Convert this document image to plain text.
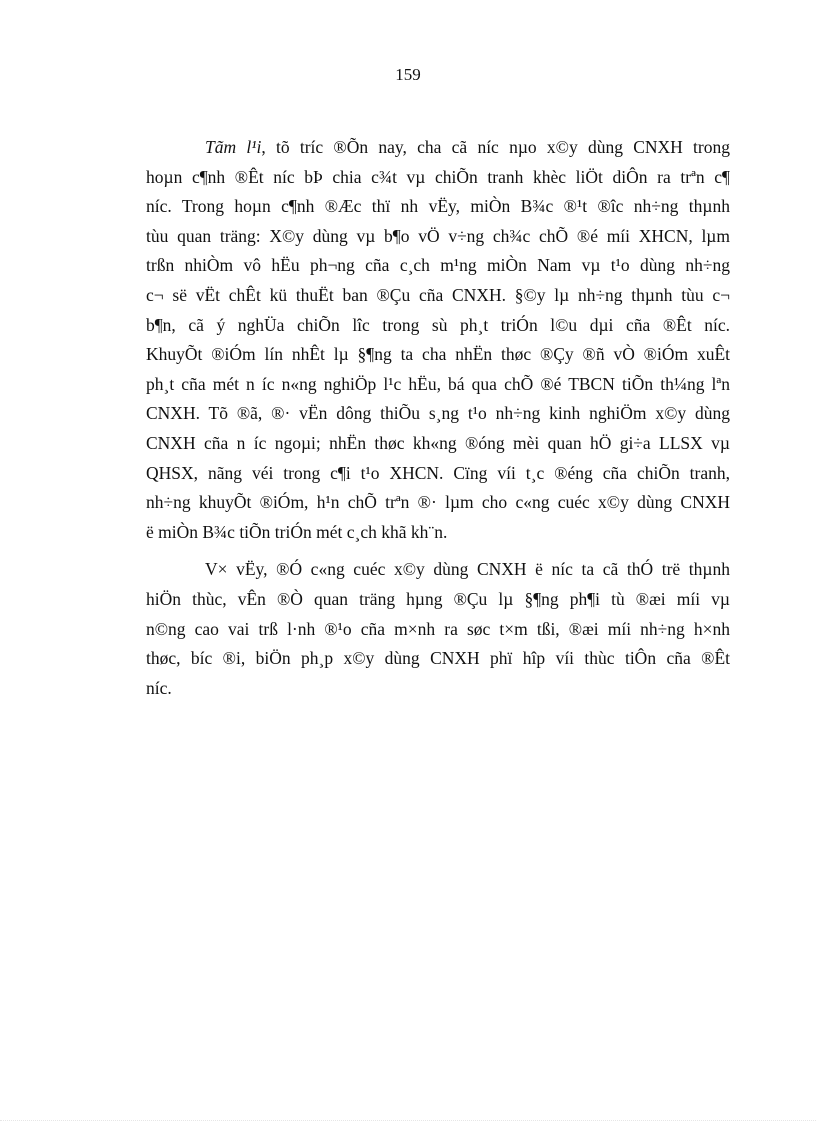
159

Tãm l¹i, tõ tríc ®Õn nay, cha cã níc nµo x©y dùng CNXH trong
hoµn c¶nh ®Êt níc bÞ chia c¾t vµ chiÕn tranh khèc liÖt diÔn ra trªn c¶
níc. Trong hoµn c¶nh ®Æc thï nh vËy, miÒn B¾c ®¹t ®îc nh÷ng thµnh
tùu quan träng: X©y dùng vµ b¶o vÖ v÷ng ch¾c chÕ ®é míi XHCN, lµm
trßn nhiÒm vô hËu ph¬ng cña c¸ch m¹ng miÒn Nam vµ t¹o dùng nh÷ng
c¬ së vËt chÊt kü thuËt ban ®Çu cña CNXH. §©y lµ nh÷ng thµnh tùu c¬
b¶n, cã ý nghÜa chiÕn lîc trong sù ph¸t triÓn l©u dµi cña ®Êt níc.
KhuyÕt ®iÓm lín nhÊt lµ §¶ng ta cha nhËn thøc ®Çy ®ñ vÒ ®iÓm xuÊt
ph¸t cña mét n íc n«ng nghiÖp l¹c hËu, bá qua chÕ ®é TBCN tiÕn th¼ng lªn
CNXH. Tõ ®ã, ®· vËn dông thiÕu s¸ng t¹o nh÷ng kinh nghiÖm x©y dùng
CNXH cña n íc ngoµi; nhËn thøc kh«ng ®óng mèi quan hÖ gi÷a LLSX vµ
QHSX, nãng véi trong c¶i t¹o XHCN. Cïng víi t¸c ®éng cña chiÕn tranh,
nh÷ng khuyÕt ®iÓm, h¹n chÕ trªn ®· lµm cho c«ng cuéc x©y dùng CNXH
ë miÒn B¾c tiÕn triÓn mét c¸ch khã kh¨n.

V× vËy, ®Ó c«ng cuéc x©y dùng CNXH ë níc ta cã thÓ trë thµnh
hiÖn thùc, vÊn ®Ò quan träng hµng ®Çu lµ §¶ng ph¶i tù ®æi míi vµ
n©ng cao vai trß l·nh ®¹o cña m×nh ra søc t×m tßi, ®æi míi nh÷ng h×nh
thøc, bíc ®i, biÖn ph¸p x©y dùng CNXH phï hîp víi thùc tiÔn cña ®Êt
níc.
